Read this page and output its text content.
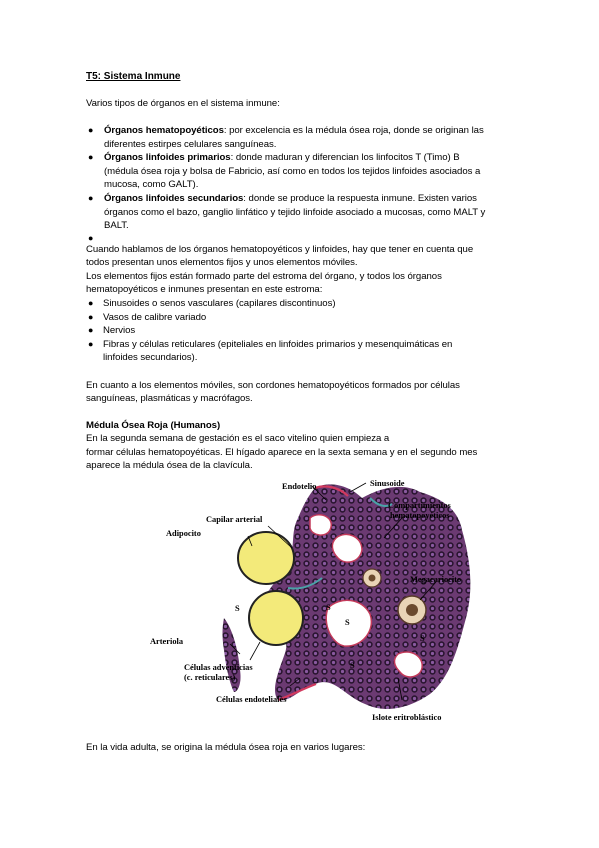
T5: Sistema Inmune
Varios tipos de órganos en el sistema inmune:
● Órganos hematopoyéticos: por excelencia es la médula ósea roja, donde se originan las
diferentes estirpes celulares sanguíneas.
● Órganos linfoides primarios: donde maduran y diferencian los linfocitos T (Timo) B
(médula ósea roja y bolsa de Fabricio, así como en todos los tejidos linfoides asociados a
mucosa, como GALT).
● Órganos linfoides secundarios: donde se produce la respuesta inmune. Existen varios
órganos como el bazo, ganglio linfático y tejido linfoide asociado a mucosas, como MALT y
BALT.
●
Cuando hablamos de los órganos hematopoyéticos y linfoides, hay que tener en cuenta que
todos presentan unos elementos fijos y unos elementos móviles.
Los elementos fijos están formado parte del estroma del órgano, y todos los órganos
hematopoyéticos e inmunes presentan en este estroma:
● Sinusoides o senos vasculares (capilares discontinuos)
● Vasos de calibre variado
● Nervios
● Fibras y células reticulares (epiteliales en linfoides primarios y mesenquimáticas en
linfoides secundarios).
En cuanto a los elementos móviles, son cordones hematopoyéticos formados por células
sanguíneas, plasmáticas y macrófagos.
Médula Ósea Roja (Humanos)
En la segunda semana de gestación es el saco vitelino quien empieza a
formar células hematopoyéticas. El hígado aparece en la sexta semana y en el segundo mes
aparece la médula ósea de la clavícula.
Endotelio	Sinusoide
Capilar arterial
Compartimientos
hematopoyéticos
Adipocito
Megacariocito
Arteriola
Células adventicias
(c. reticulares)
Células endoteliales
Islote eritroblástico
S
S
S
S
S
En la vida adulta, se origina la médula ósea roja en varios lugares:
